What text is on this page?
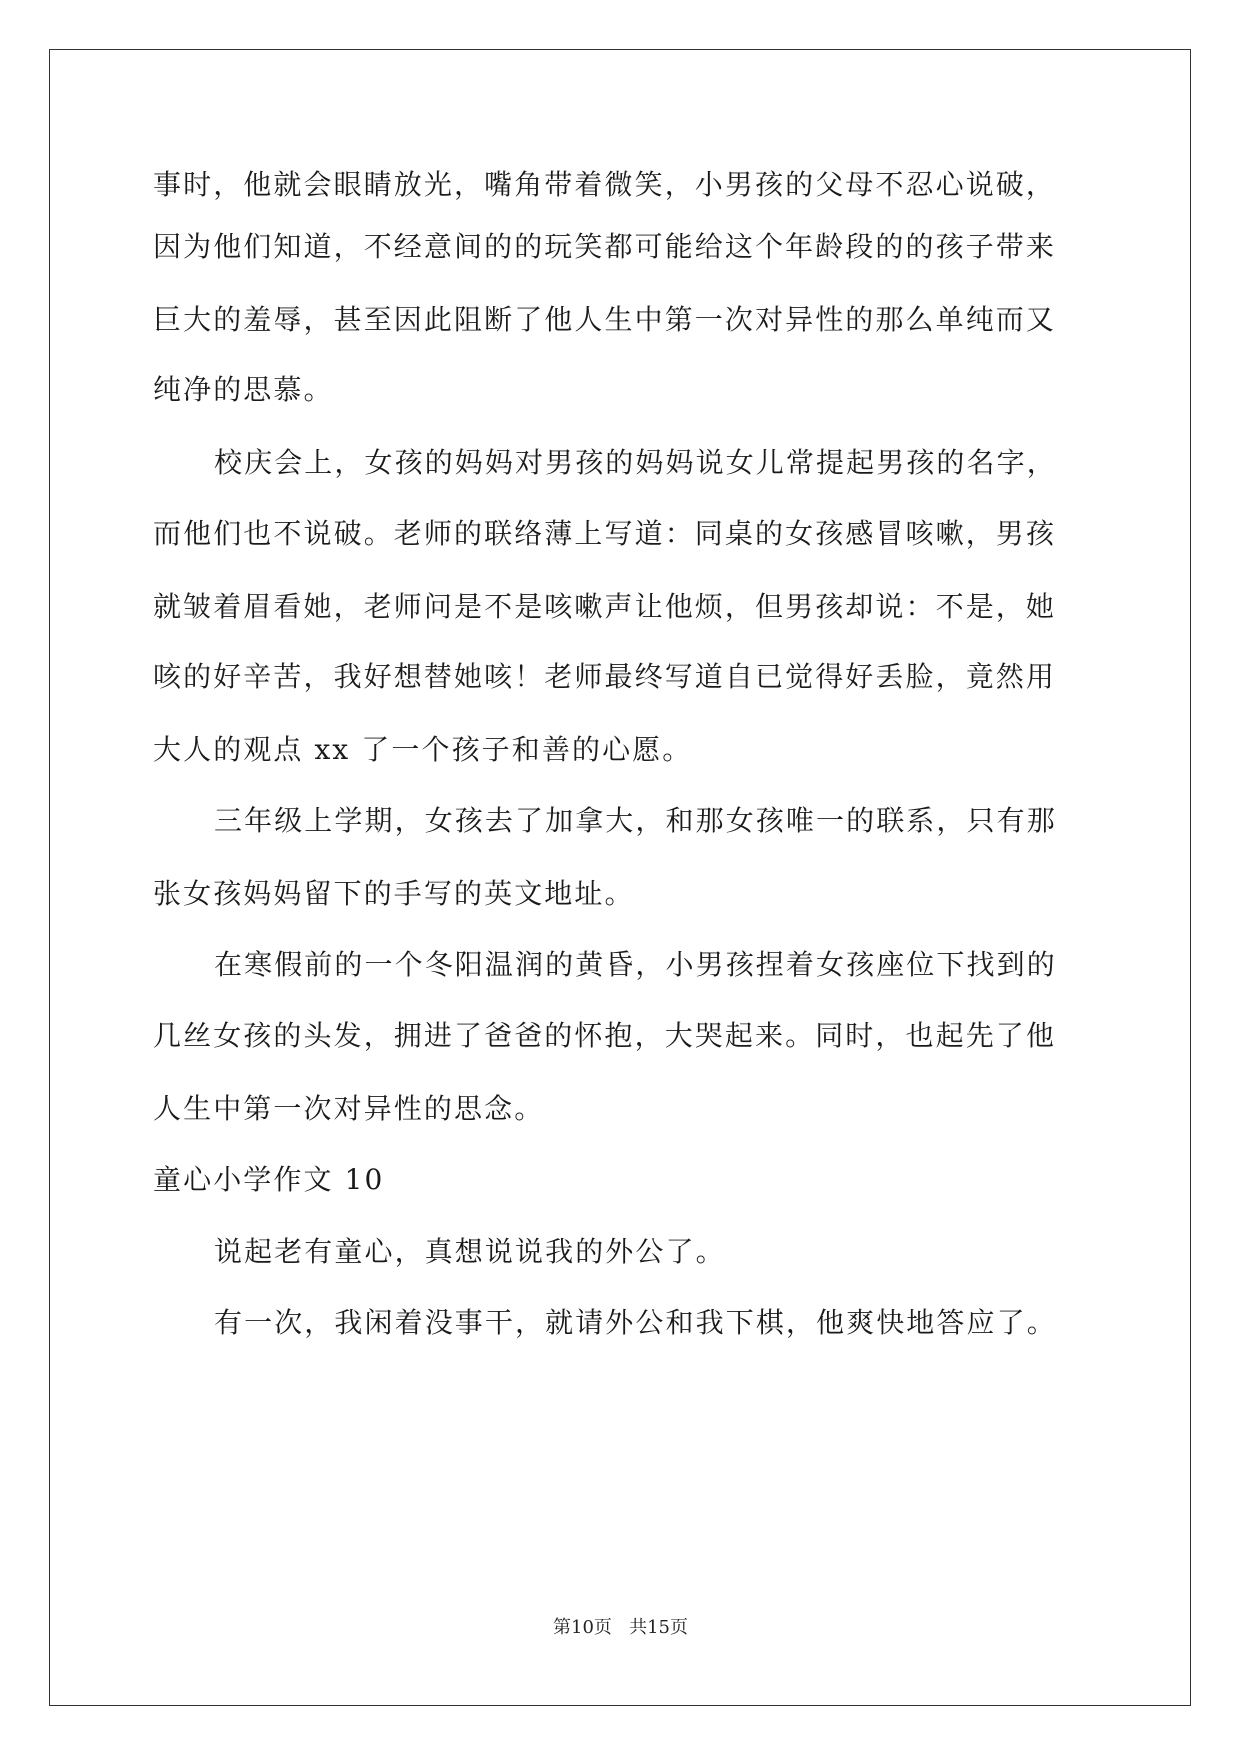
事时，他就会眼睛放光，嘴角带着微笑，小男孩的父母不忍心说破，
因为他们知道，不经意间的的玩笑都可能给这个年龄段的的孩子带来
巨大的羞辱，甚至因此阻断了他人生中第一次对异性的那么单纯而又
纯净的思慕。
校庆会上，女孩的妈妈对男孩的妈妈说女儿常提起男孩的名字，
而他们也不说破。老师的联络薄上写道：同桌的女孩感冒咳嗽，男孩
就皱着眉看她，老师问是不是咳嗽声让他烦，但男孩却说：不是，她
咳的好辛苦，我好想替她咳！老师最终写道自已觉得好丢脸，竟然用
大人的观点 xx 了一个孩子和善的心愿。
三年级上学期，女孩去了加拿大，和那女孩唯一的联系，只有那
张女孩妈妈留下的手写的英文地址。
在寒假前的一个冬阳温润的黄昏，小男孩捏着女孩座位下找到的
几丝女孩的头发，拥进了爸爸的怀抱，大哭起来。同时，也起先了他
人生中第一次对异性的思念。
童心小学作文 10
说起老有童心，真想说说我的外公了。
有一次，我闲着没事干，就请外公和我下棋，他爽快地答应了。
第10页   共15页
